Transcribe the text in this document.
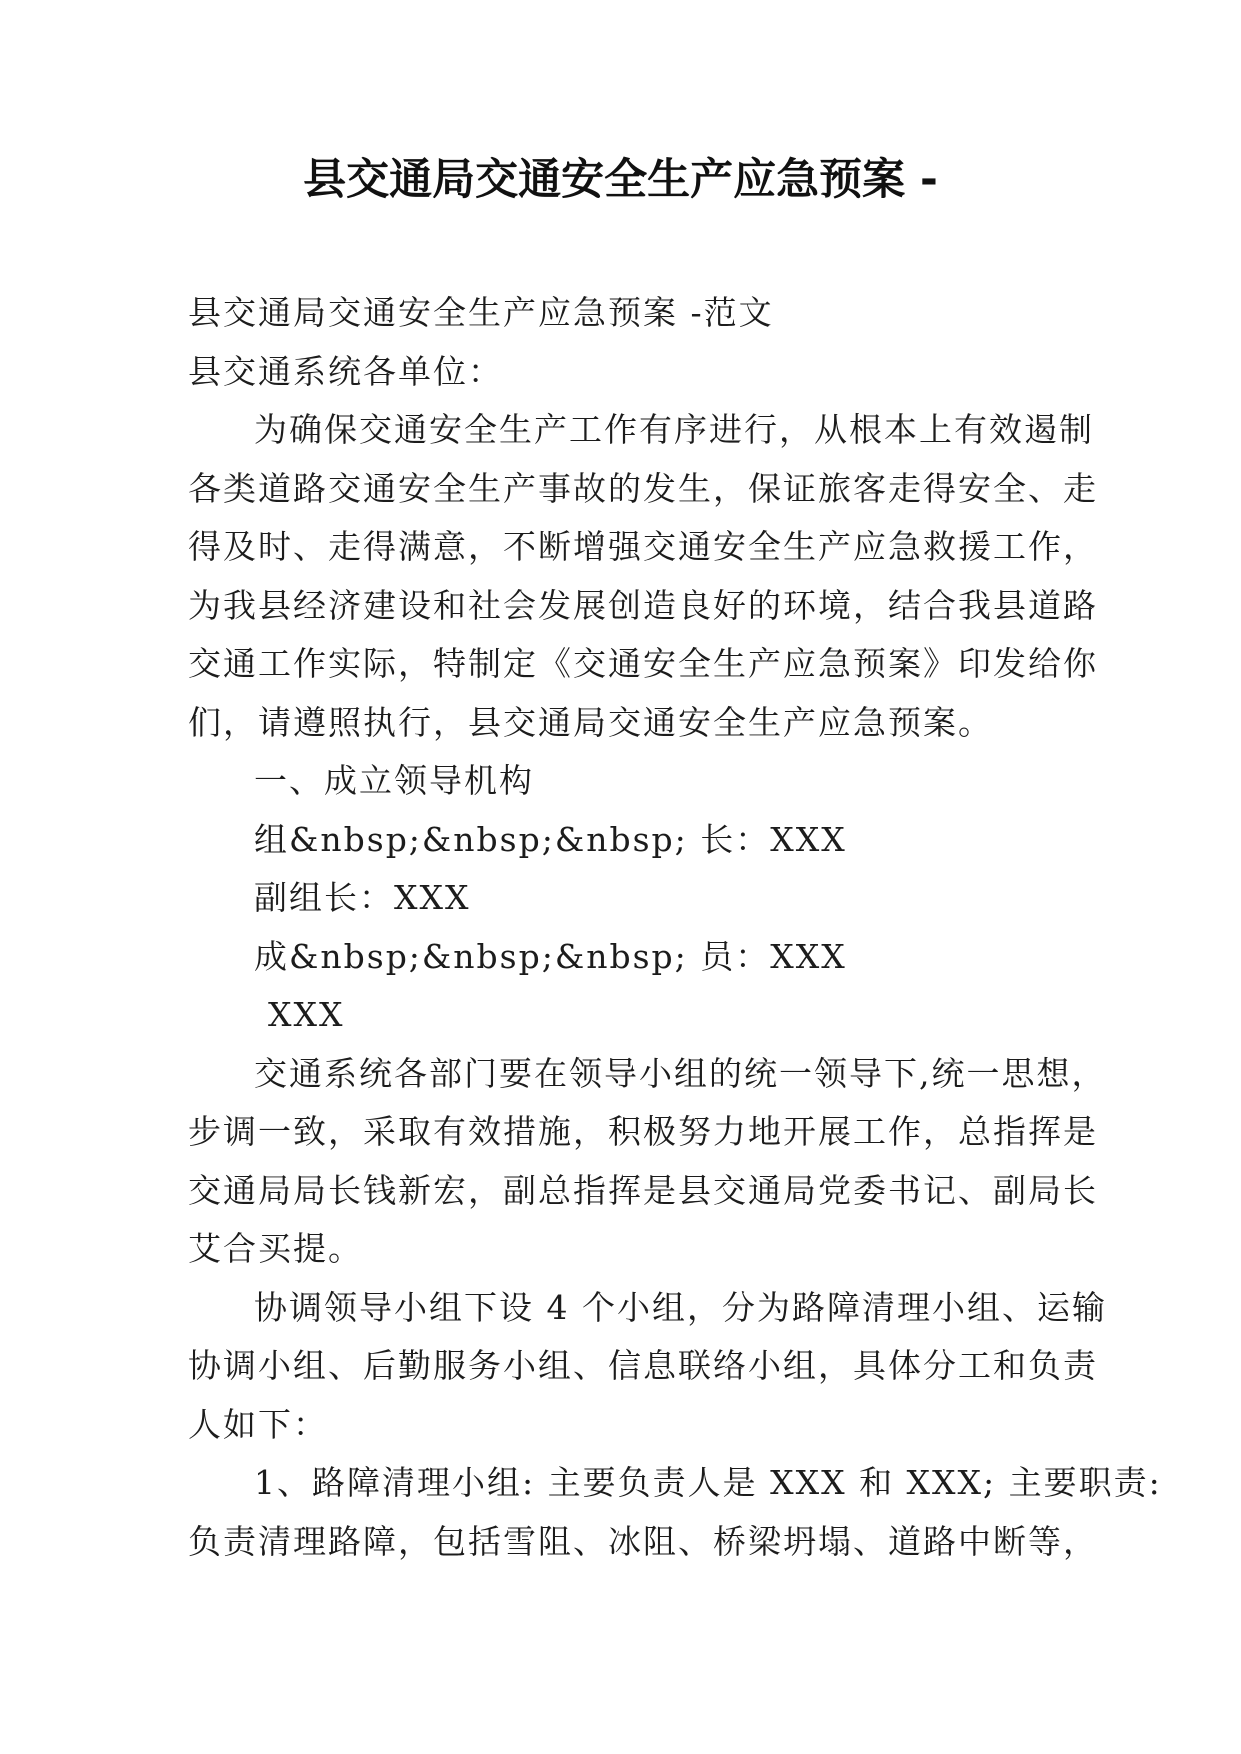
县交通局交通安全生产应急预案 -
县交通局交通安全生产应急预案 -范文
县交通系统各单位：
为确保交通安全生产工作有序进行，从根本上有效遏制
各类道路交通安全生产事故的发生，保证旅客走得安全、走
得及时、走得满意，不断增强交通安全生产应急救援工作，
为我县经济建设和社会发展创造良好的环境，结合我县道路
交通工作实际，特制定《交通安全生产应急预案》印发给你
们，请遵照执行，县交通局交通安全生产应急预案。
一、成立领导机构
组&nbsp;&nbsp;&nbsp; 长：XXX
副组长：XXX
成&nbsp;&nbsp;&nbsp; 员：XXX
XXX
交通系统各部门要在领导小组的统一领导下,统一思想，
步调一致，采取有效措施，积极努力地开展工作，总指挥是
交通局局长钱新宏，副总指挥是县交通局党委书记、副局长
艾合买提。
协调领导小组下设 4 个小组，分为路障清理小组、运输
协调小组、后勤服务小组、信息联络小组，具体分工和负责
人如下：
1、路障清理小组: 主要负责人是 XXX 和 XXX; 主要职责:
负责清理路障，包括雪阻、冰阻、桥梁坍塌、道路中断等，
